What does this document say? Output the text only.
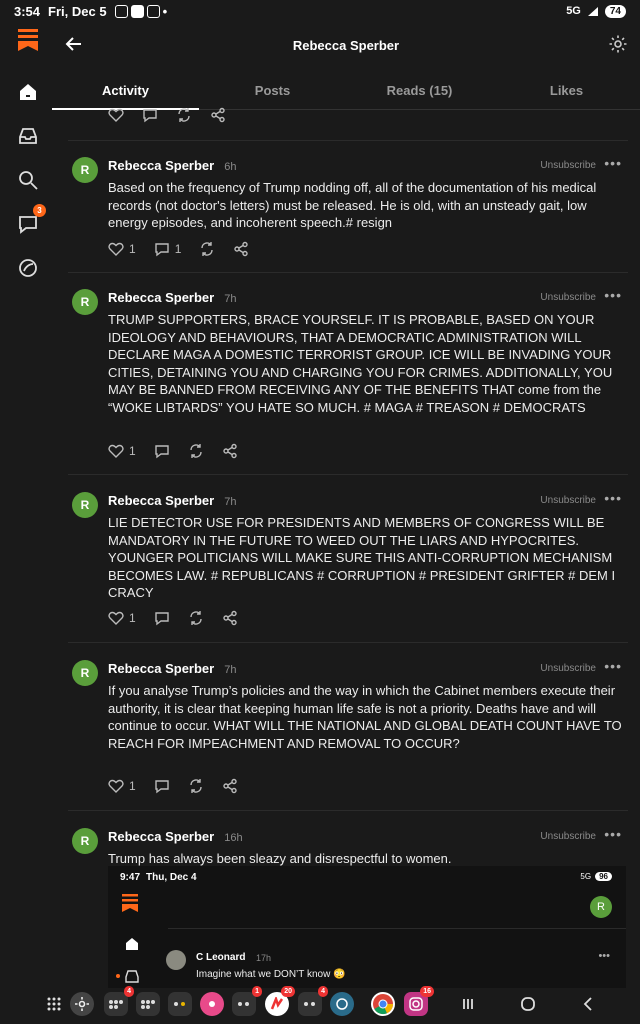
3:54 Fri, Dec 5	•	5G	74
3
Rebecca Sperber
Activity	Posts	Reads (15)	Likes
R	Rebecca Sperber 6h	Unsubscribe •••
Based on the frequency of Trump nodding off, all of the documentation of his medical records (not doctor's letters) must be released. He is old, with an unsteady gait, low energy episodes, and incoherent speech.# resign
1	1
R	Rebecca Sperber 7h	Unsubscribe •••
TRUMP SUPPORTERS, BRACE YOURSELF. IT IS PROBABLE, BASED ON YOUR IDEOLOGY AND BEHAVIOURS, THAT A DEMOCRATIC ADMINISTRATION WILL DECLARE MAGA A DOMESTIC TERRORIST GROUP. ICE WILL BE INVADING YOUR CITIES, DETAINING YOU AND CHARGING YOU FOR CRIMES. ADDITIONALLY, YOU MAY BE BANNED FROM RECEIVING ANY OF THE BENEFITS THAT come from the “WOKE LIBTARDS” YOU HATE SO MUCH. # MAGA # TREASON # DEMOCRATS
1
R	Rebecca Sperber 7h	Unsubscribe •••
LIE DETECTOR USE FOR PRESIDENTS AND MEMBERS OF CONGRESS WILL BE MANDATORY IN THE FUTURE TO WEED OUT THE LIARS AND HYPOCRITES. YOUNGER POLITICIANS WILL MAKE SURE THIS ANTI-CORRUPTION MECHANISM BECOMES LAW. # REPUBLICANS # CORRUPTION # PRESIDENT GRIFTER # DEM I CRACY
1
R	Rebecca Sperber 7h	Unsubscribe •••
If you analyse Trump’s policies and the way in which the Cabinet members execute their authority, it is clear that keeping human life safe is not a priority. Deaths have and will continue to occur. WHAT WILL THE NATIONAL AND GLOBAL DEATH COUNT HAVE TO REACH FOR IMPEACHMENT AND REMOVAL TO OCCUR?
1
R	Rebecca Sperber 16h	Unsubscribe •••
Trump has always been sleazy and disrespectful to women.
9:47 Thu, Dec 4	5G	96
R
C Leonard 17h	•••
Imagine what we DON’T know 😳
4	1	20	4	16
